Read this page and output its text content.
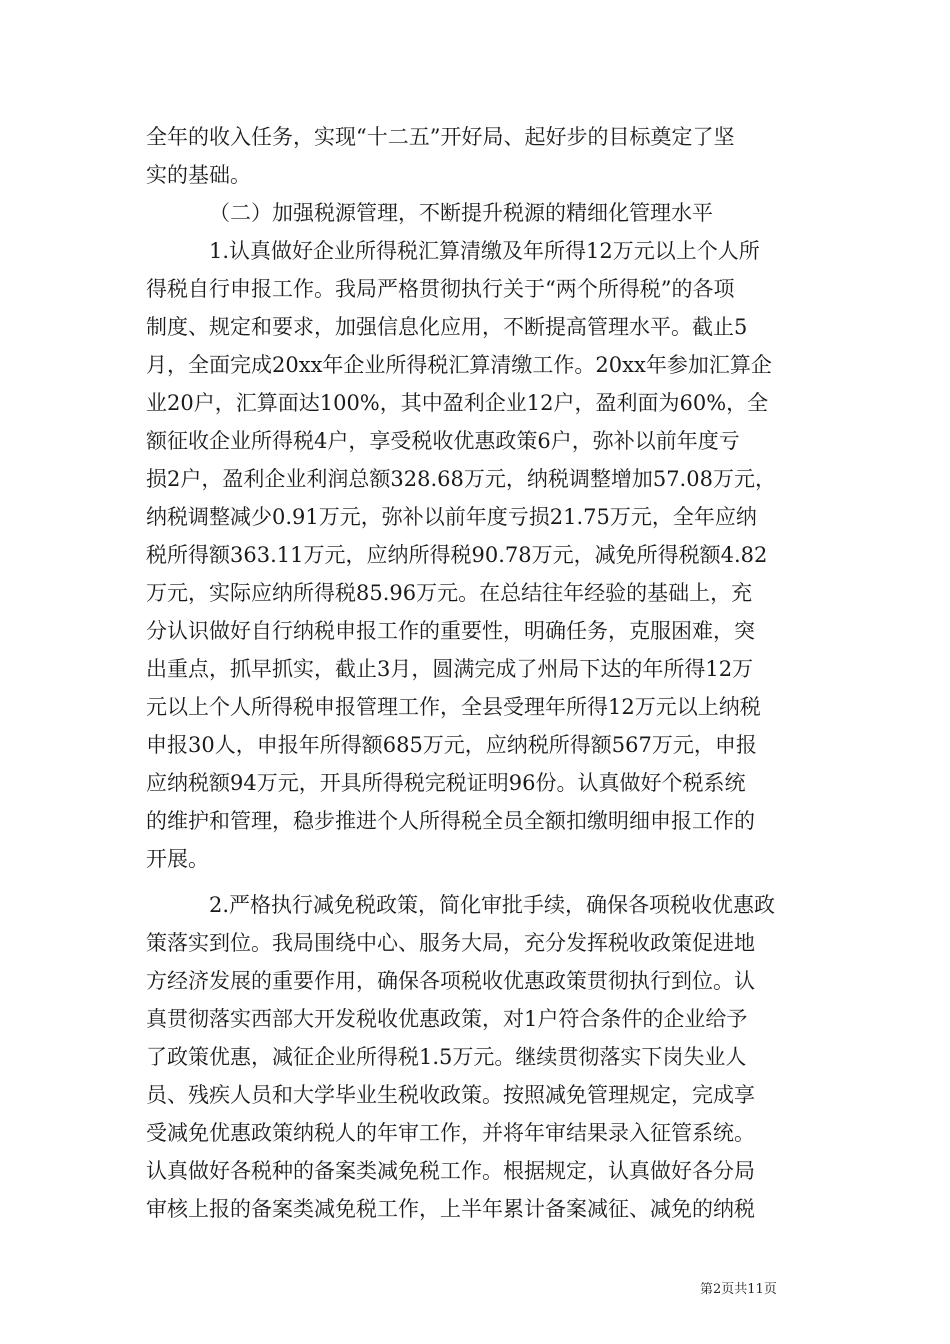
全年的收入任务，实现“十二五”开好局、起好步的目标奠定了坚
实的基础。
（二）加强税源管理，不断提升税源的精细化管理水平
1.认真做好企业所得税汇算清缴及年所得12万元以上个人所
得税自行申报工作。我局严格贯彻执行关于“两个所得税”的各项
制度、规定和要求，加强信息化应用，不断提高管理水平。截止5
月，全面完成20xx年企业所得税汇算清缴工作。20xx年参加汇算企
业20户，汇算面达100%，其中盈利企业12户，盈利面为60%，全
额征收企业所得税4户，享受税收优惠政策6户，弥补以前年度亏
损2户，盈利企业利润总额328.68万元，纳税调整增加57.08万元，
纳税调整减少0.91万元，弥补以前年度亏损21.75万元，全年应纳
税所得额363.11万元，应纳所得税90.78万元，减免所得税额4.82
万元，实际应纳所得税85.96万元。在总结往年经验的基础上，充
分认识做好自行纳税申报工作的重要性，明确任务，克服困难，突
出重点，抓早抓实，截止3月，圆满完成了州局下达的年所得12万
元以上个人所得税申报管理工作，全县受理年所得12万元以上纳税
申报30人，申报年所得额685万元，应纳税所得额567万元，申报
应纳税额94万元，开具所得税完税证明96份。认真做好个税系统
的维护和管理，稳步推进个人所得税全员全额扣缴明细申报工作的
开展。
2.严格执行减免税政策，简化审批手续，确保各项税收优惠政
策落实到位。我局围绕中心、服务大局，充分发挥税收政策促进地
方经济发展的重要作用，确保各项税收优惠政策贯彻执行到位。认
真贯彻落实西部大开发税收优惠政策，对1户符合条件的企业给予
了政策优惠，减征企业所得税1.5万元。继续贯彻落实下岗失业人
员、残疾人员和大学毕业生税收政策。按照减免管理规定，完成享
受减免优惠政策纳税人的年审工作，并将年审结果录入征管系统。
认真做好各税种的备案类减免税工作。根据规定，认真做好各分局
审核上报的备案类减免税工作，上半年累计备案减征、减免的纳税
第2页共11页
